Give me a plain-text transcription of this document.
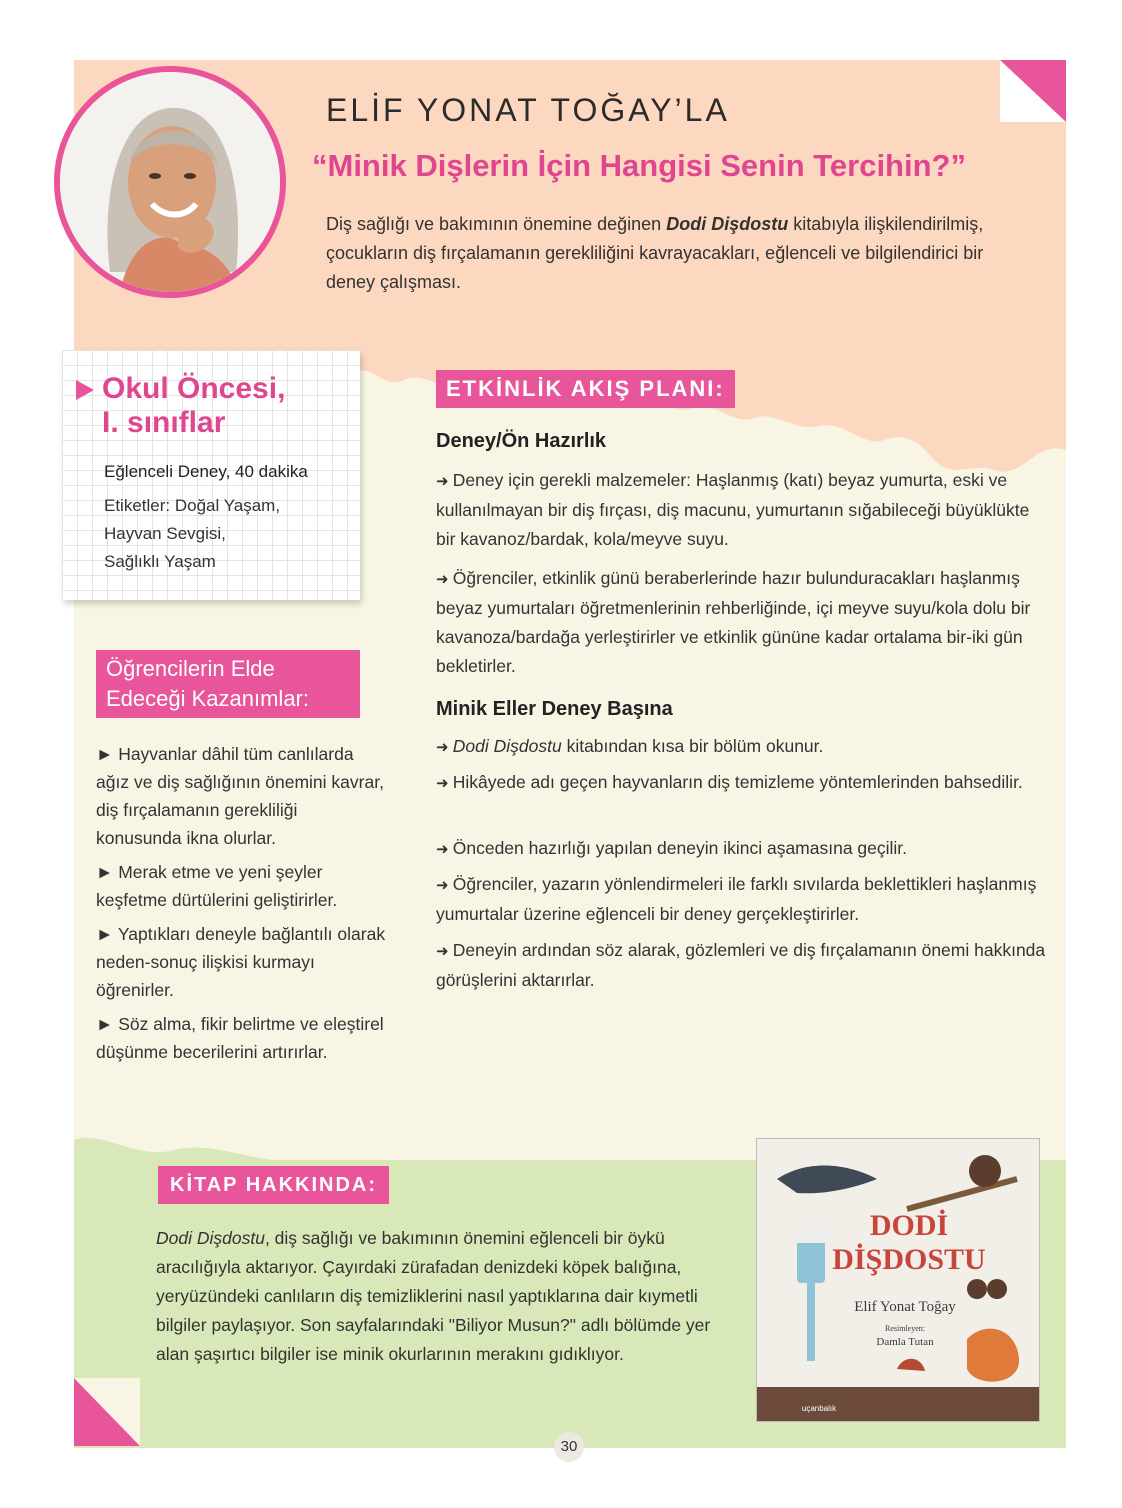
ELİF YONAT TOĞAY’LA
“Minik Dişlerin İçin Hangisi Senin Tercihin?”

Diş sağlığı ve bakımının önemine değinen Dodi Dişdostu kitabıyla ilişkilendirilmiş, çocukların diş fırçalamanın gerekliliğini kavrayacakları, eğlenceli ve bilgilendirici bir deney çalışması.

Okul Öncesi,
I. sınıflar
Eğlenceli Deney, 40 dakika
Etiketler: Doğal Yaşam,
Hayvan Sevgisi,
Sağlıklı Yaşam
Öğrencilerin Elde
Edeceği Kazanımlar:

► Hayvanlar dâhil tüm canlılarda ağız ve diş sağlığının önemini kavrar, diş fırçalamanın gerekliliği konusunda ikna olurlar.

► Merak etme ve yeni şeyler keşfetme dürtülerini geliştirirler.

► Yaptıkları deneyle bağlantılı olarak neden-sonuç ilişkisi kurmayı öğrenirler.

► Söz alma, fikir belirtme ve eleştirel düşünme becerilerini artırırlar.

ETKİNLİK AKIŞ PLANI:
Deney/Ön Hazırlık

➜ Deney için gerekli malzemeler: Haşlanmış (katı) beyaz yumurta, eski ve kullanılmayan bir diş fırçası, diş macunu, yumurtanın sığabileceği büyüklükte bir kavanoz/bardak, kola/meyve suyu.

➜ Öğrenciler, etkinlik günü beraberlerinde hazır bulunduracakları haşlanmış beyaz yumurtaları öğretmenlerinin rehberliğinde, içi meyve suyu/kola dolu bir kavanoza/bardağa yerleştirirler ve etkinlik gününe kadar ortalama bir-iki gün bekletirler.

Minik Eller Deney Başına

➜ Dodi Dişdostu kitabından kısa bir bölüm okunur.

➜ Hikâyede adı geçen hayvanların diş temizleme yöntemlerinden bahsedilir.

➜ Önceden hazırlığı yapılan deneyin ikinci aşamasına geçilir.

➜ Öğrenciler, yazarın yönlendirmeleri ile farklı sıvılarda beklettikleri haşlanmış yumurtalar üzerine eğlenceli bir deney gerçekleştirirler.

➜ Deneyin ardından söz alarak, gözlemleri ve diş fırçalamanın önemi hakkında görüşlerini aktarırlar.

KİTAP HAKKINDA:

Dodi Dişdostu, diş sağlığı ve bakımının önemini eğlenceli bir öykü aracılığıyla aktarıyor. Çayırdaki zürafadan denizdeki köpek balığına, yeryüzündeki canlıların diş temizliklerini nasıl yaptıklarına dair kıymetli bilgiler paylaşıyor. Son sayfalarındaki "Biliyor Musun?" adlı bölümde yer alan şaşırtıcı bilgiler ise minik okurlarının merakını gıdıklıyor.

DODİ
DİŞDOSTU
Elif Yonat Toğay
Resimleyen:
Damla Tutan
uçanbalık
30
